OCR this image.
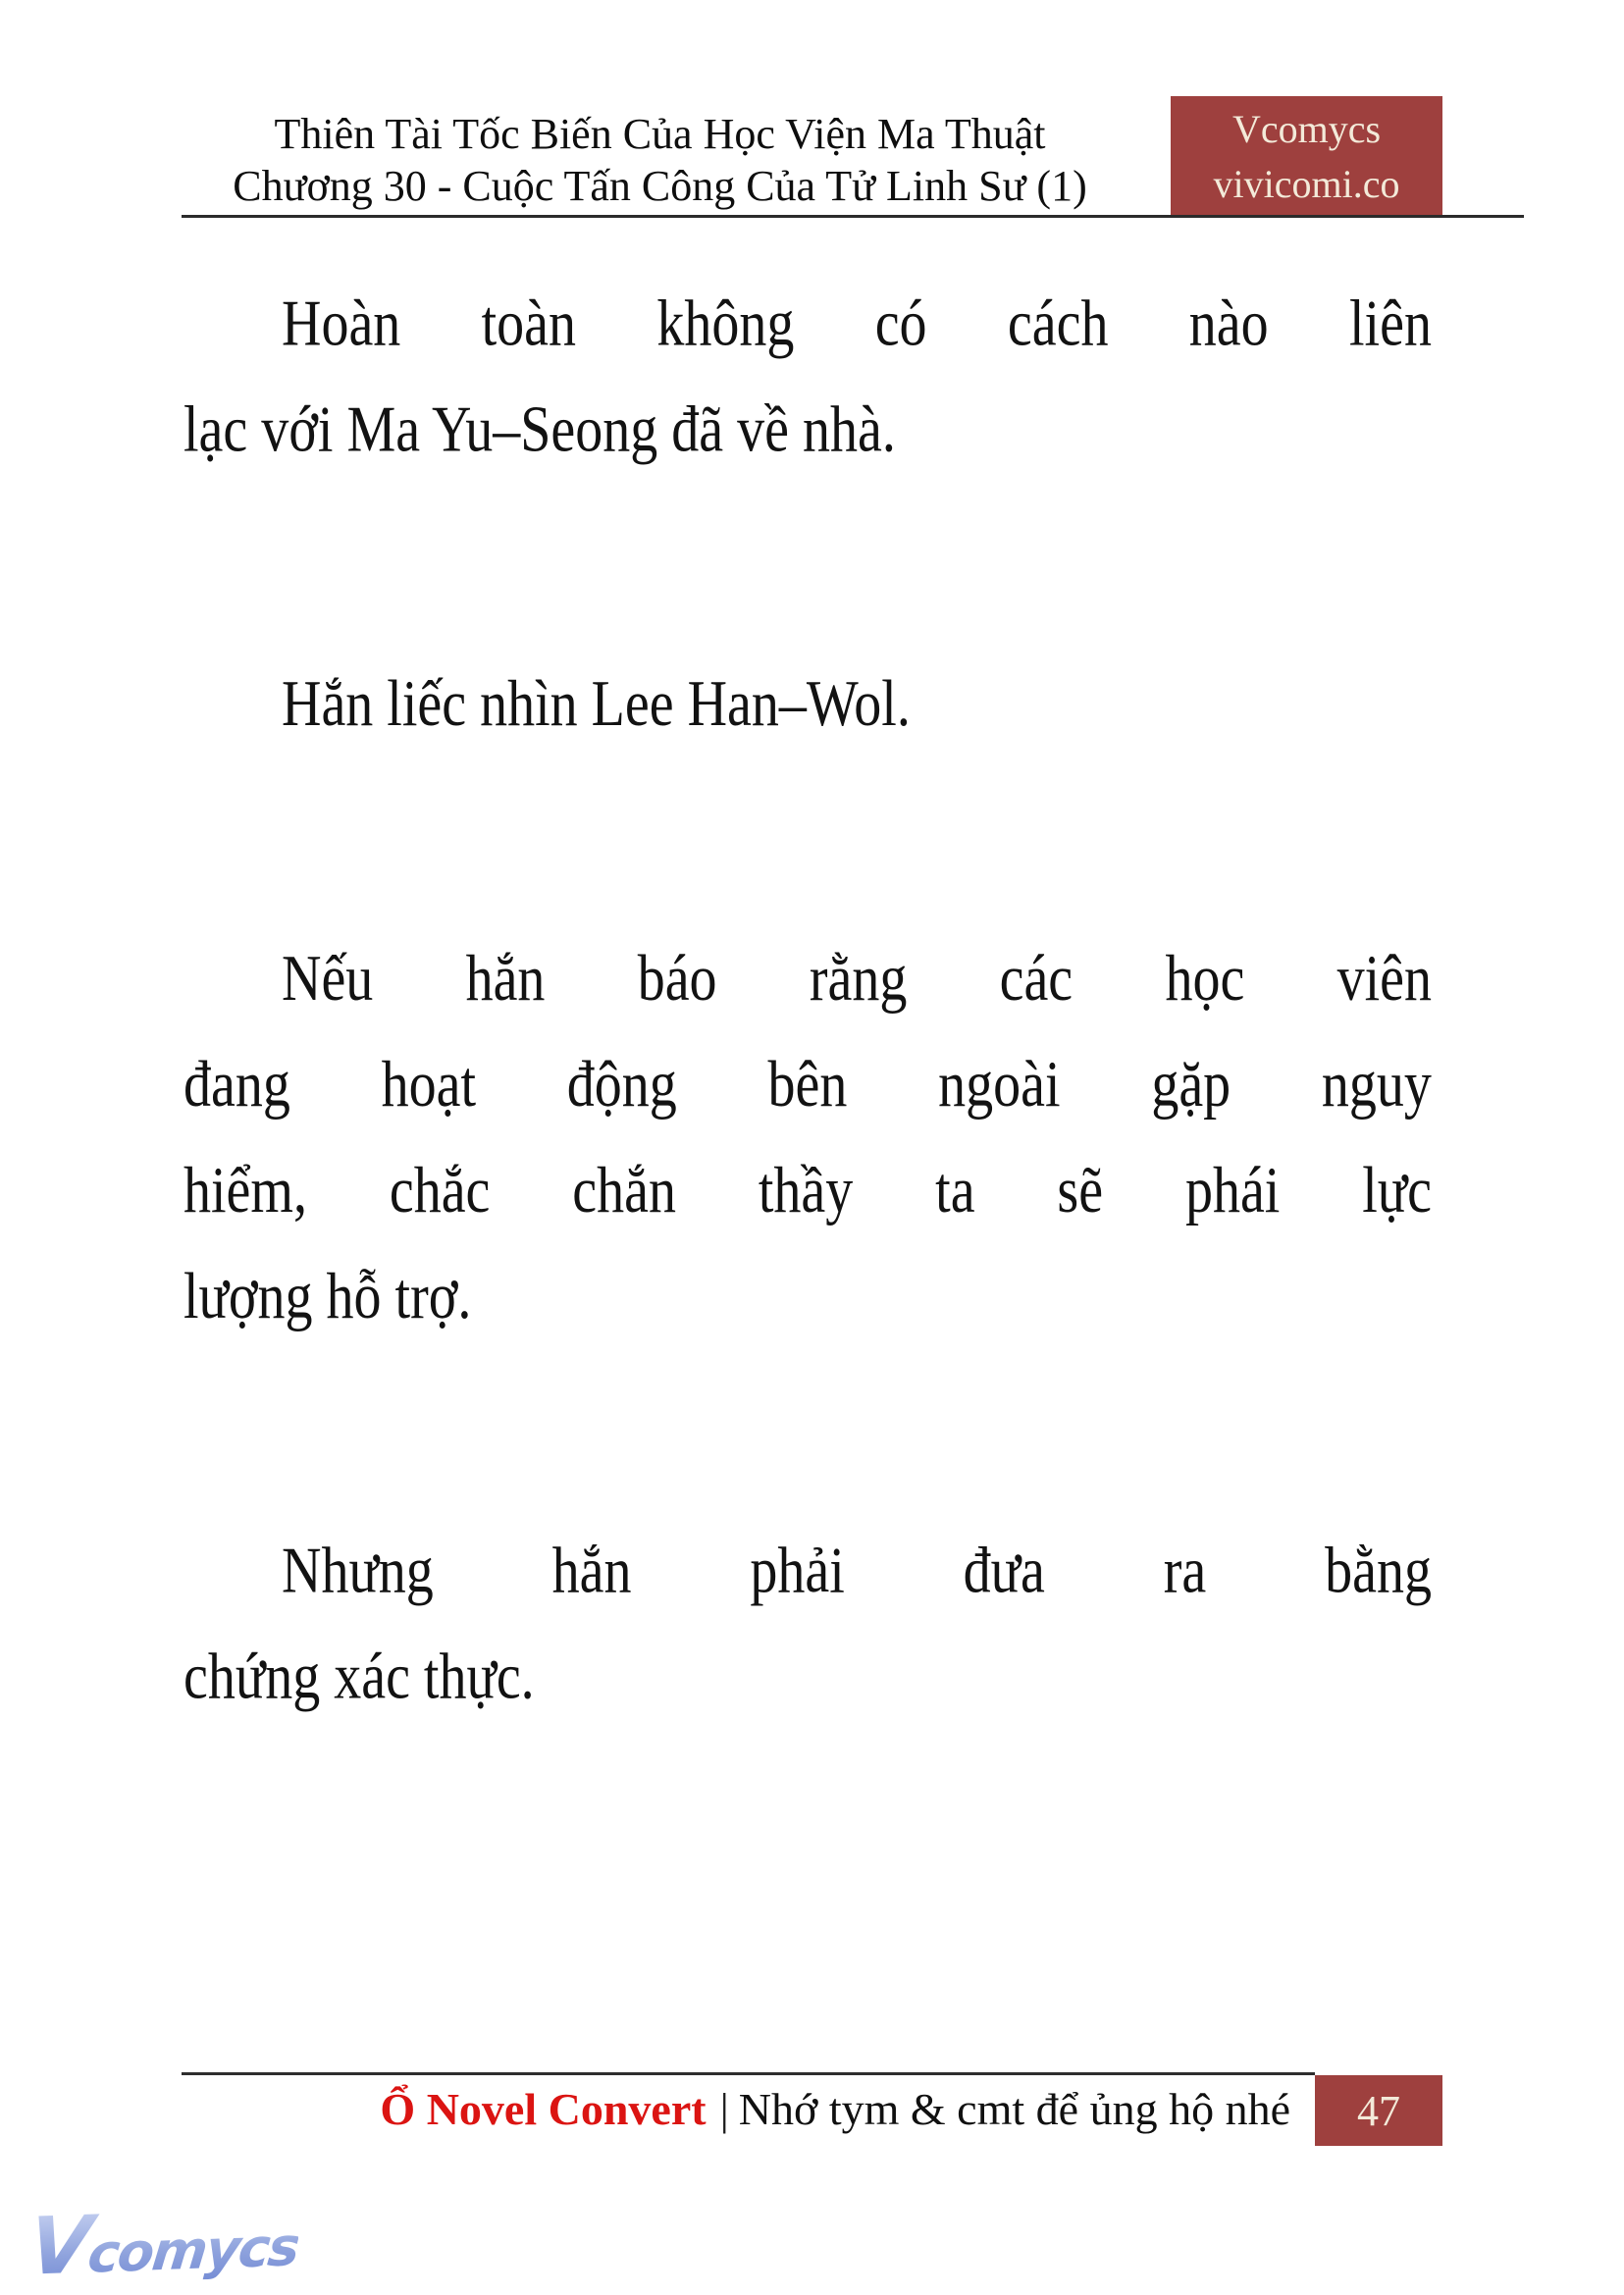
Thiên Tài Tốc Biến Của Học Viện Ma Thuật
Chương 30 - Cuộc Tấn Công Của Tử Linh Sư (1)
Vcomycs
vivicomi.co
Hoàn toàn không có cách nào liên
lạc với Ma Yu–Seong đã về nhà.
Hắn liếc nhìn Lee Han–Wol.
Nếu hắn báo rằng các học viên
đang hoạt động bên ngoài gặp nguy
hiểm, chắc chắn thầy ta sẽ phái lực
lượng hỗ trợ.
Nhưng hắn phải đưa ra bằng
chứng xác thực.
Ổ Novel Convert | Nhớ tym & cmt để ủng hộ nhé 47
Vcomycs
